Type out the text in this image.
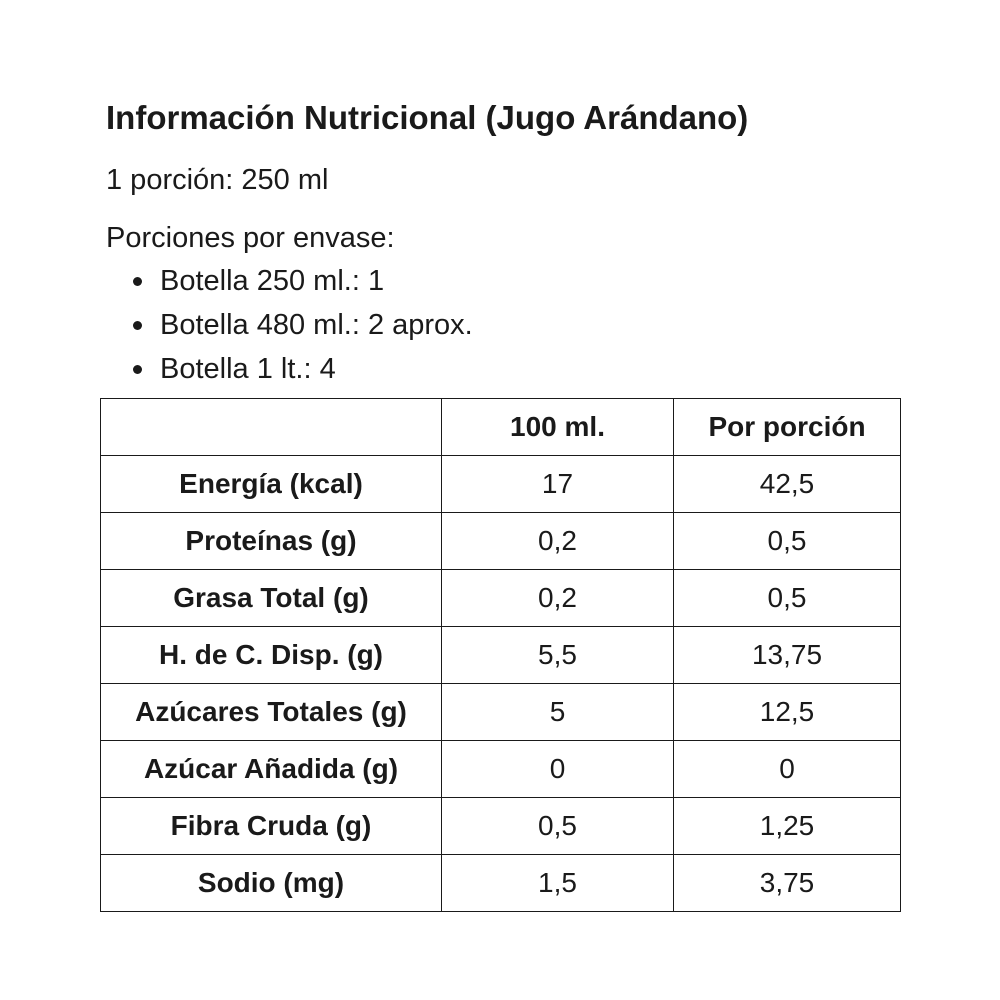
Información Nutricional (Jugo Arándano)
1 porción: 250 ml
Porciones por envase:
Botella 250 ml.: 1
Botella 480 ml.: 2 aprox.
Botella 1 lt.: 4
	100 ml.	Por porción
Energía (kcal)	17	42,5
Proteínas (g)	0,2	0,5
Grasa Total (g)	0,2	0,5
H. de C. Disp. (g)	5,5	13,75
Azúcares Totales (g)	5	12,5
Azúcar Añadida (g)	0	0
Fibra Cruda (g)	0,5	1,25
Sodio (mg)	1,5	3,75
